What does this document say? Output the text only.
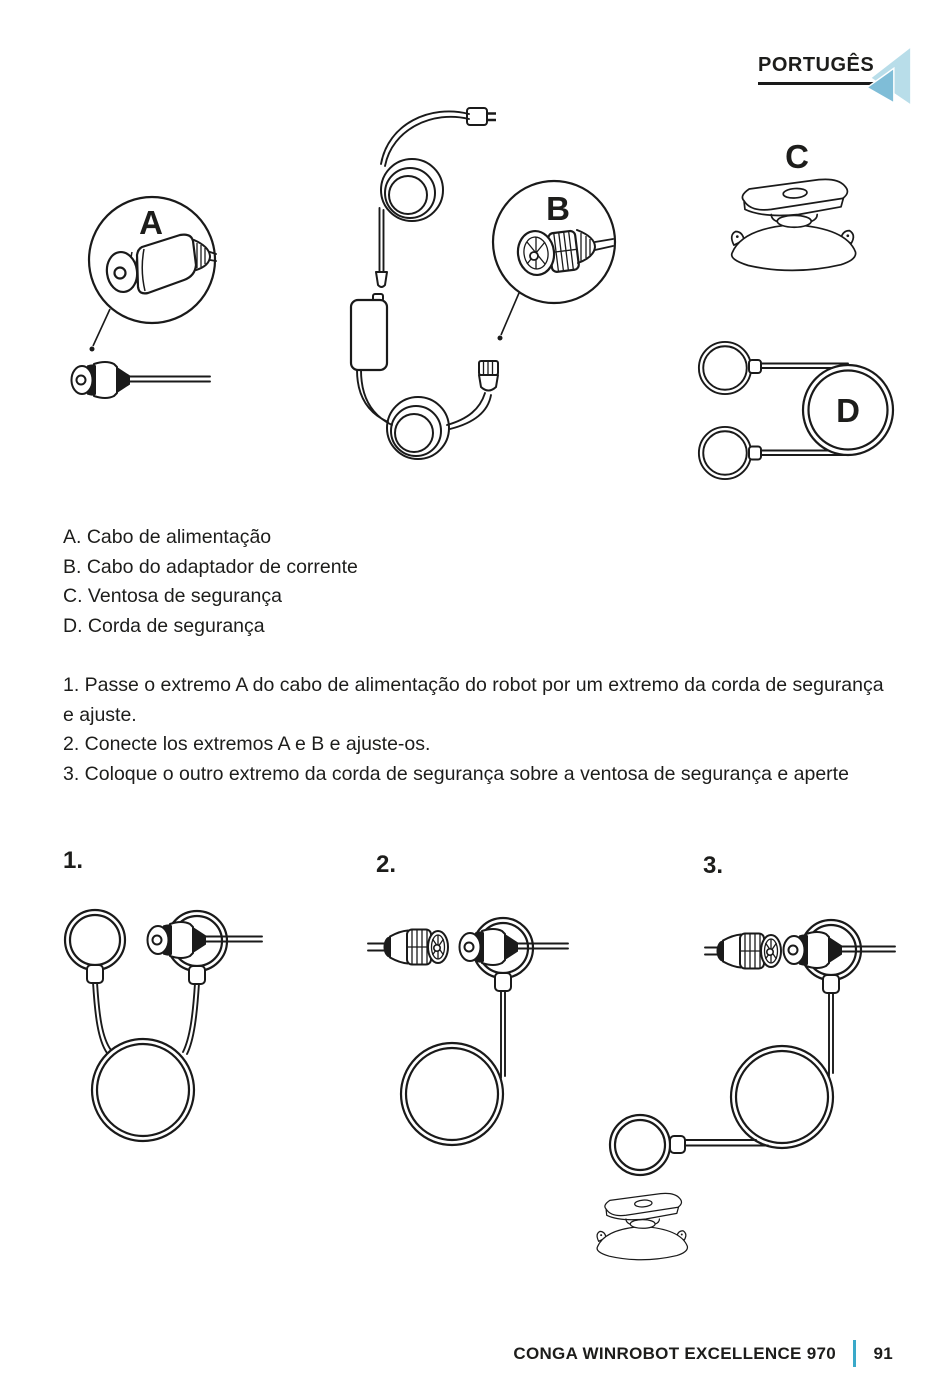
PORTUGÊS
A	B
C
D
A. Cabo de alimentação
B. Cabo do adaptador de corrente
C. Ventosa de segurança
D. Corda de segurança
1. Passe o extremo A do cabo de alimentação do robot por um extremo da corda de segurança
e ajuste.
2. Conecte los extremos A e B e ajuste-os.
3. Coloque o outro extremo da corda de segurança sobre a ventosa de segurança e aperte
1.	2.	3.
CONGA WINROBOT EXCELLENCE 970 91
